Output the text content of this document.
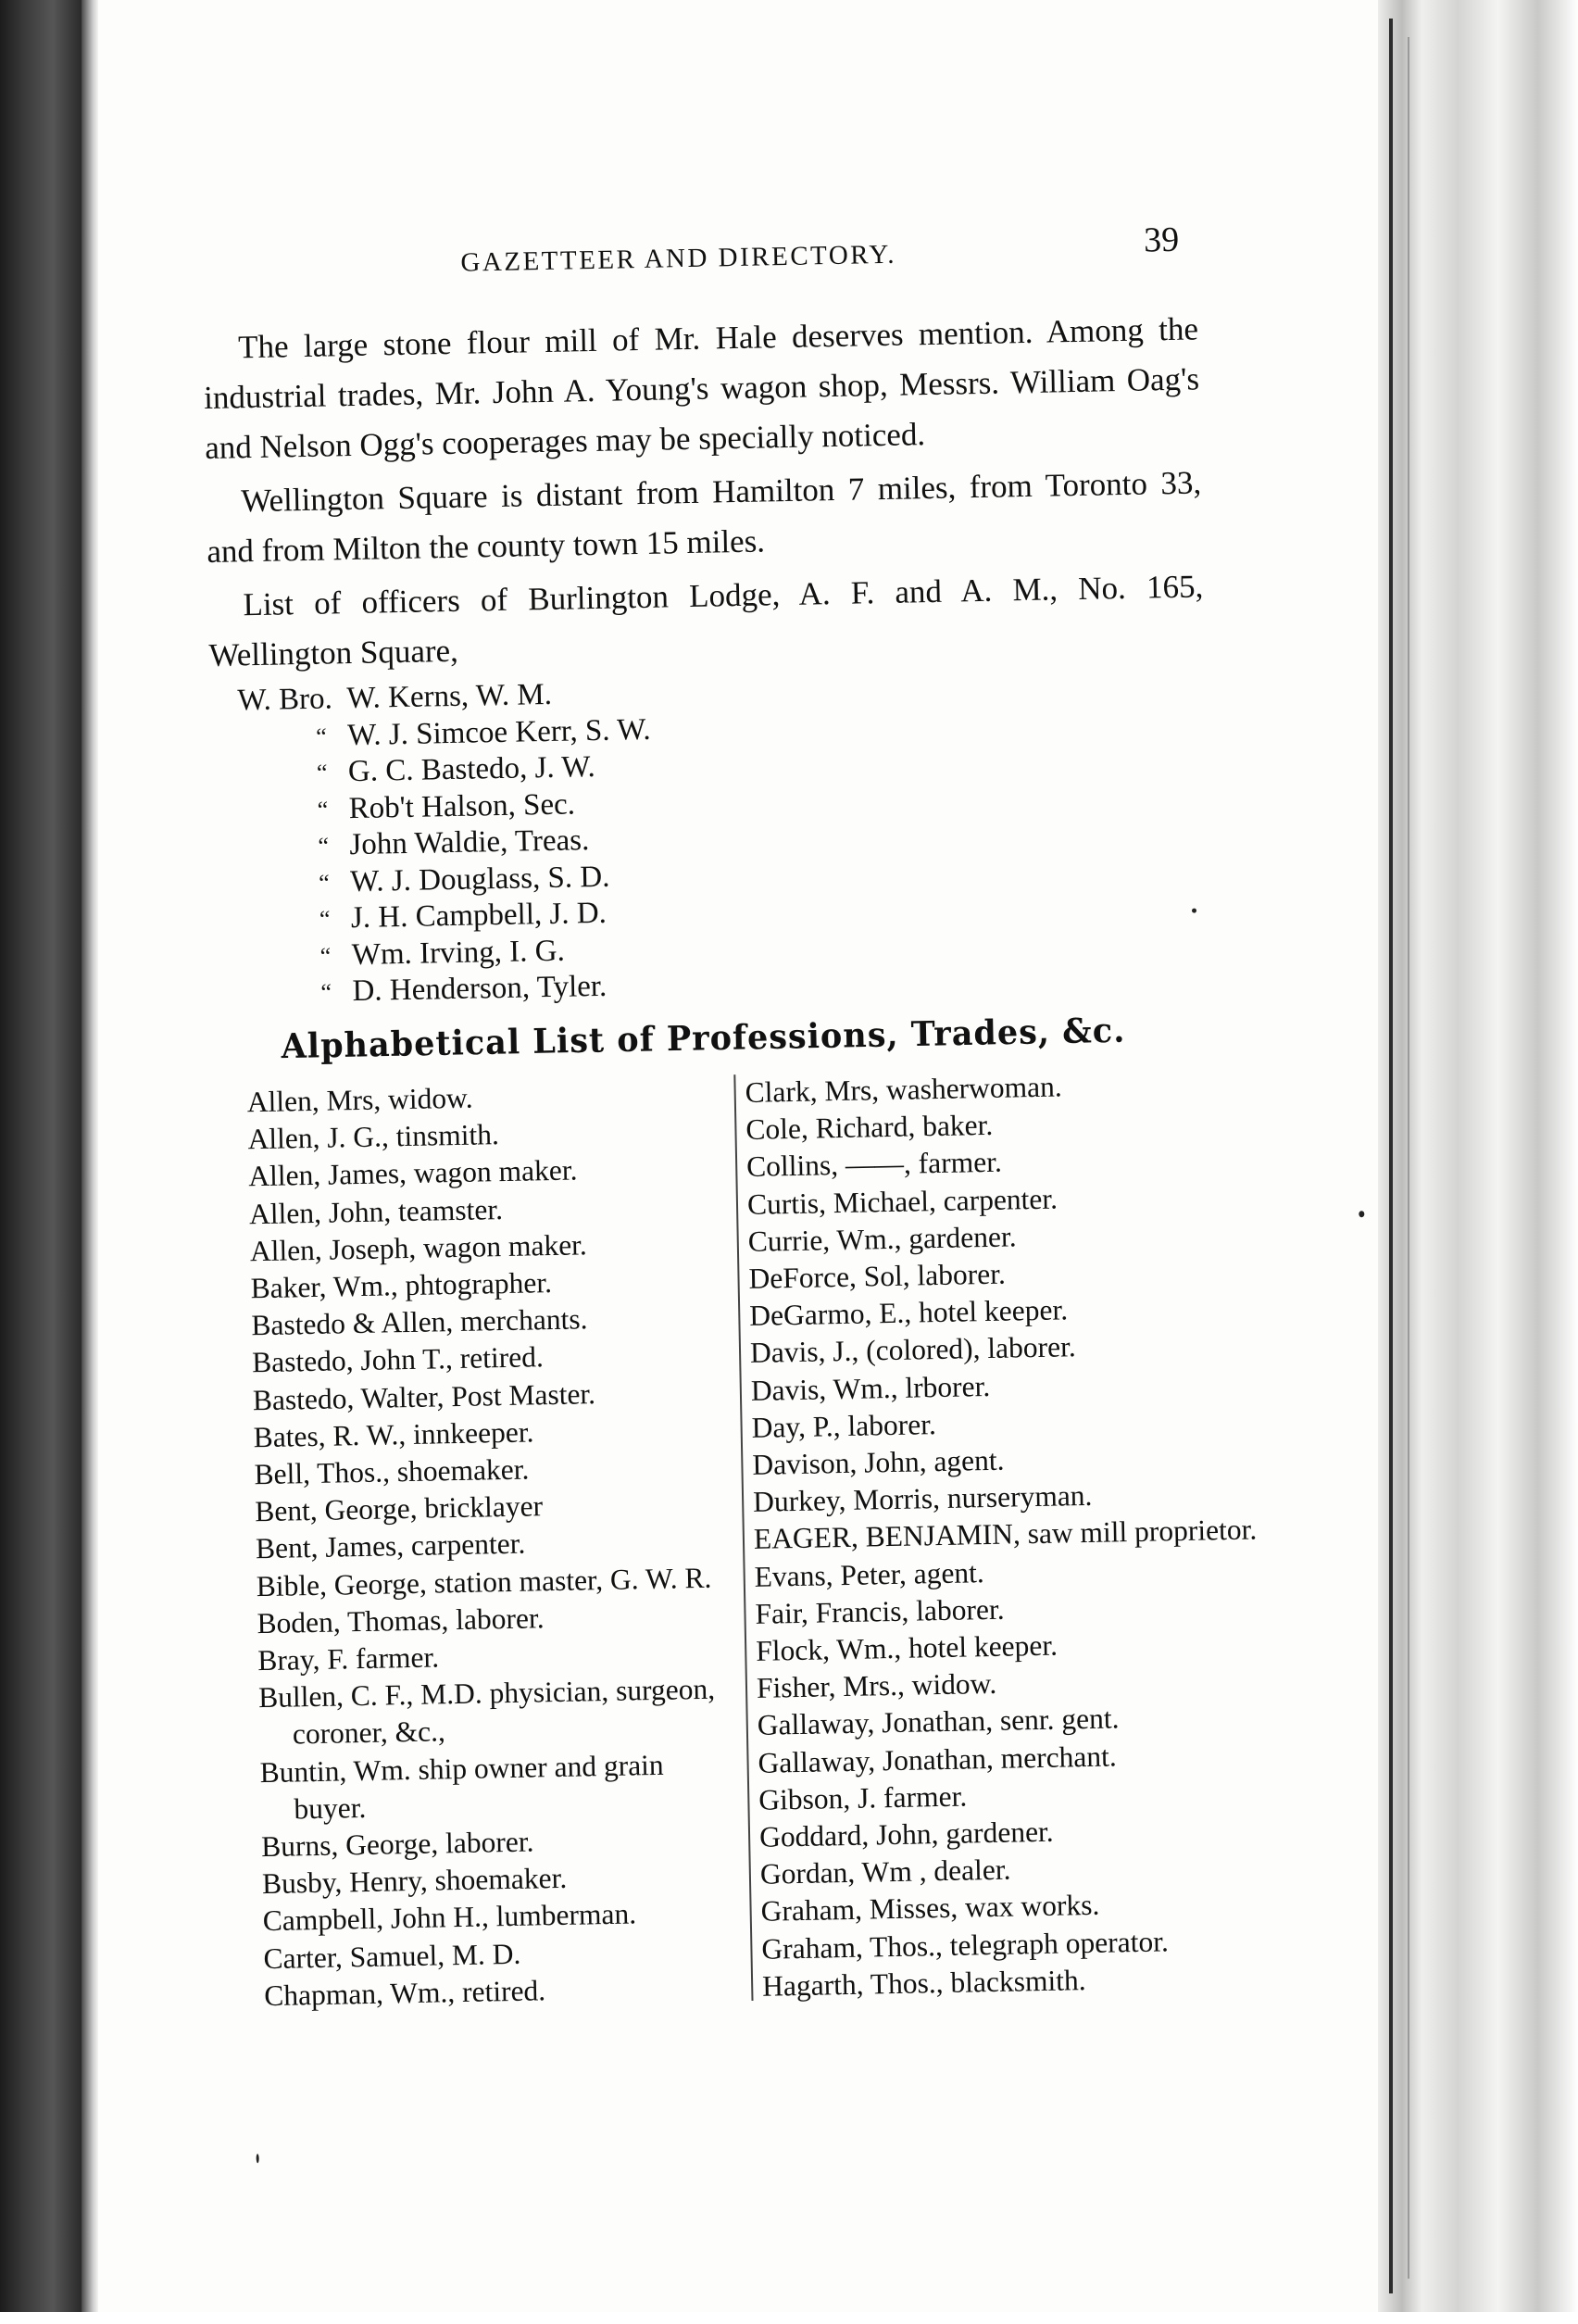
GAZETTEER AND DIRECTORY.	39
The large stone flour mill of Mr. Hale deserves mention. Among the industrial trades, Mr. John A. Young's wagon shop, Messrs. William Oag's and Nelson Ogg's cooperages may be specially noticed.
Wellington Square is distant from Hamilton 7 miles, from Toronto 33, and from Milton the county town 15 miles.
List of officers of Burlington Lodge, A. F. and A. M., No. 165, Wellington Square,
W. Bro. W. Kerns, W. M.
“ W. J. Simcoe Kerr, S. W.
“ G. C. Bastedo, J. W.
“ Rob't Halson, Sec.
“ John Waldie, Treas.
“ W. J. Douglass, S. D.
“ J. H. Campbell, J. D.
“ Wm. Irving, I. G.
“ D. Henderson, Tyler.
Alphabetical List of Professions, Trades, &c.
Allen, Mrs, widow.
Allen, J. G., tinsmith.
Allen, James, wagon maker.
Allen, John, teamster.
Allen, Joseph, wagon maker.
Baker, Wm., phtographer.
Bastedo & Allen, merchants.
Bastedo, John T., retired.
Bastedo, Walter, Post Master.
Bates, R. W., innkeeper.
Bell, Thos., shoemaker.
Bent, George, bricklayer
Bent, James, carpenter.
Bible, George, station master, G. W. R.
Boden, Thomas, laborer.
Bray, F. farmer.
Bullen, C. F., M.D. physician, surgeon, coroner, &c.,
Buntin, Wm. ship owner and grain buyer.
Burns, George, laborer.
Busby, Henry, shoemaker.
Campbell, John H., lumberman.
Carter, Samuel, M. D.
Chapman, Wm., retired.
Clark, Mrs, washerwoman.
Cole, Richard, baker.
Collins, ——, farmer.
Curtis, Michael, carpenter.
Currie, Wm., gardener.
DeForce, Sol, laborer.
DeGarmo, E., hotel keeper.
Davis, J., (colored), laborer.
Davis, Wm., lrborer.
Day, P., laborer.
Davison, John, agent.
Durkey, Morris, nurseryman.
EAGER, BENJAMIN, saw mill proprietor.
Evans, Peter, agent.
Fair, Francis, laborer.
Flock, Wm., hotel keeper.
Fisher, Mrs., widow.
Gallaway, Jonathan, senr. gent.
Gallaway, Jonathan, merchant.
Gibson, J. farmer.
Goddard, John, gardener.
Gordan, Wm , dealer.
Graham, Misses, wax works.
Graham, Thos., telegraph operator.
Hagarth, Thos., blacksmith.
